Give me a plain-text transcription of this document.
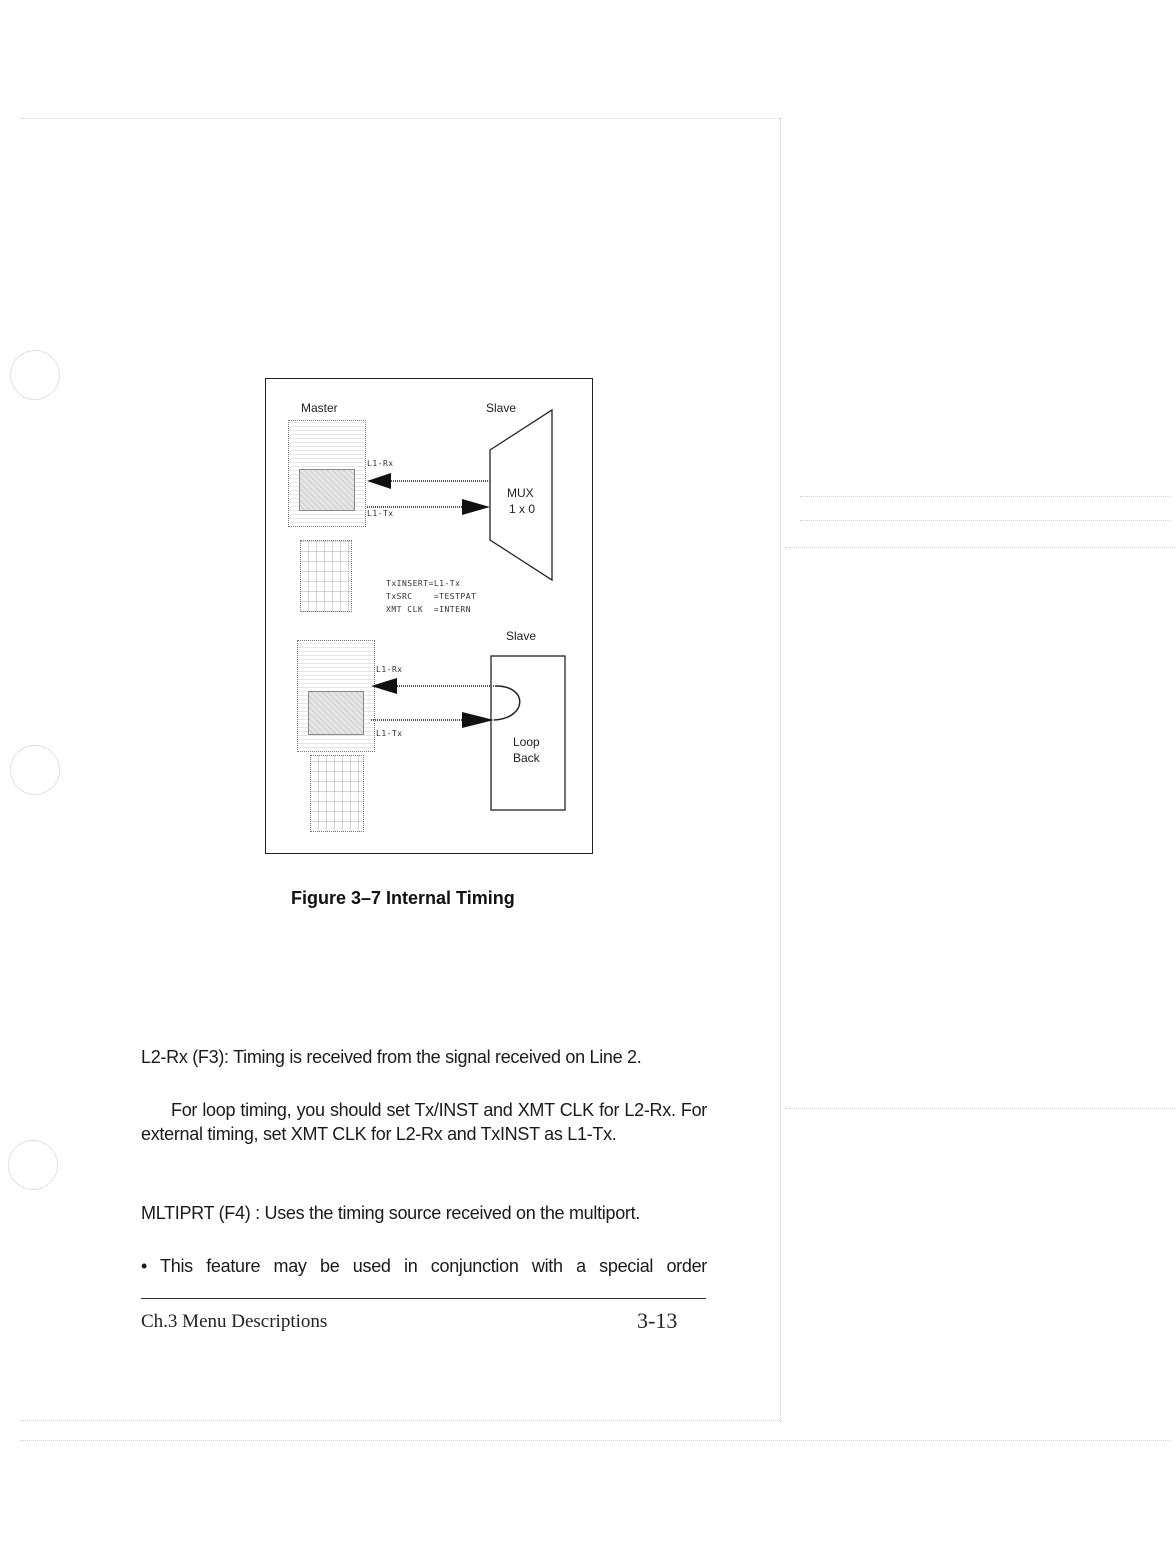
Master	Slave
L1-Rx
L1-Tx
TxINSERT=L1-Tx
TxSRC    =TESTPAT
XMT CLK  =INTERN
Slave
L1-Rx
L1-Tx
MUX
1 x 0
Loop
Back
Figure 3–7 Internal Timing

L2-Rx (F3): Timing is received from the signal received on Line 2.

For loop timing, you should set Tx/INST and XMT CLK for L2-Rx. For external timing, set XMT CLK for L2-Rx and TxINST as L1-Tx.

MLTIPRT (F4) : Uses the timing source received on the multiport.

• This feature may be used in conjunction with a special order

Ch.3 Menu Descriptions	3-13
